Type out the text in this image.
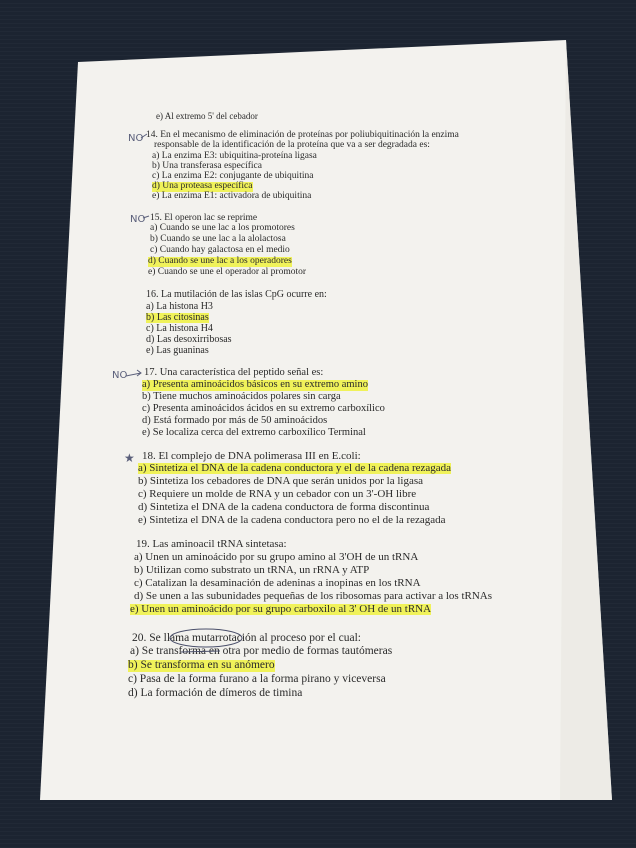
e) Al extremo 5' del cebador
14. En el mecanismo de eliminación de proteínas por poliubiquitinación la enzima
responsable de la identificación de la proteína que va a ser degradada es:
a) La enzima E3: ubiquitina-proteína ligasa
b) Una transferasa específica
c) La enzima E2: conjugante de ubiquitina
d) Una proteasa específica
e) La enzima E1: activadora de ubiquitina
15. El operon lac se reprime
a) Cuando se une lac a los promotores
b) Cuando se une lac a la alolactosa
c) Cuando hay galactosa en el medio
d) Cuando se une lac a los operadores
e) Cuando se une el operador al promotor
16. La mutilación de las islas CpG ocurre en:
a) La histona H3
b) Las citosinas
c) La histona H4
d) Las desoxirribosas
e) Las guaninas
17. Una característica del peptido señal es:
a) Presenta aminoácidos básicos en su extremo amino
b) Tiene muchos aminoácidos polares sin carga
c) Presenta aminoácidos ácidos en su extremo carboxílico
d) Está formado por más de 50 aminoácidos
e) Se localiza cerca del extremo carboxílico Terminal
18. El complejo de DNA polimerasa III en E.coli:
a) Sintetiza el DNA de la cadena conductora y el de la cadena rezagada
b) Sintetiza los cebadores de DNA que serán unidos por la ligasa
c) Requiere un molde de RNA y un cebador con un 3'-OH libre
d) Sintetiza el DNA de la cadena conductora de forma discontinua
e) Sintetiza el DNA de la cadena conductora pero no el de la rezagada
19. Las aminoacil tRNA sintetasa:
a) Unen un aminoácido por su grupo amino al 3'OH de un tRNA
b) Utilizan como substrato un tRNA, un rRNA y ATP
c) Catalizan la desaminación de adeninas a inopinas en los tRNA
d) Se unen a las subunidades pequeñas de los ribosomas para activar a los tRNAs
e) Unen un aminoácido por su grupo carboxilo al 3' OH de un tRNA
20. Se llama mutarrotación al proceso por el cual:
a) Se transforma en otra por medio de formas tautómeras
b) Se transforma en su anómero
c) Pasa de la forma furano a la forma pirano y viceversa
d) La formación de dímeros de timina
NO
NO
NO
★
